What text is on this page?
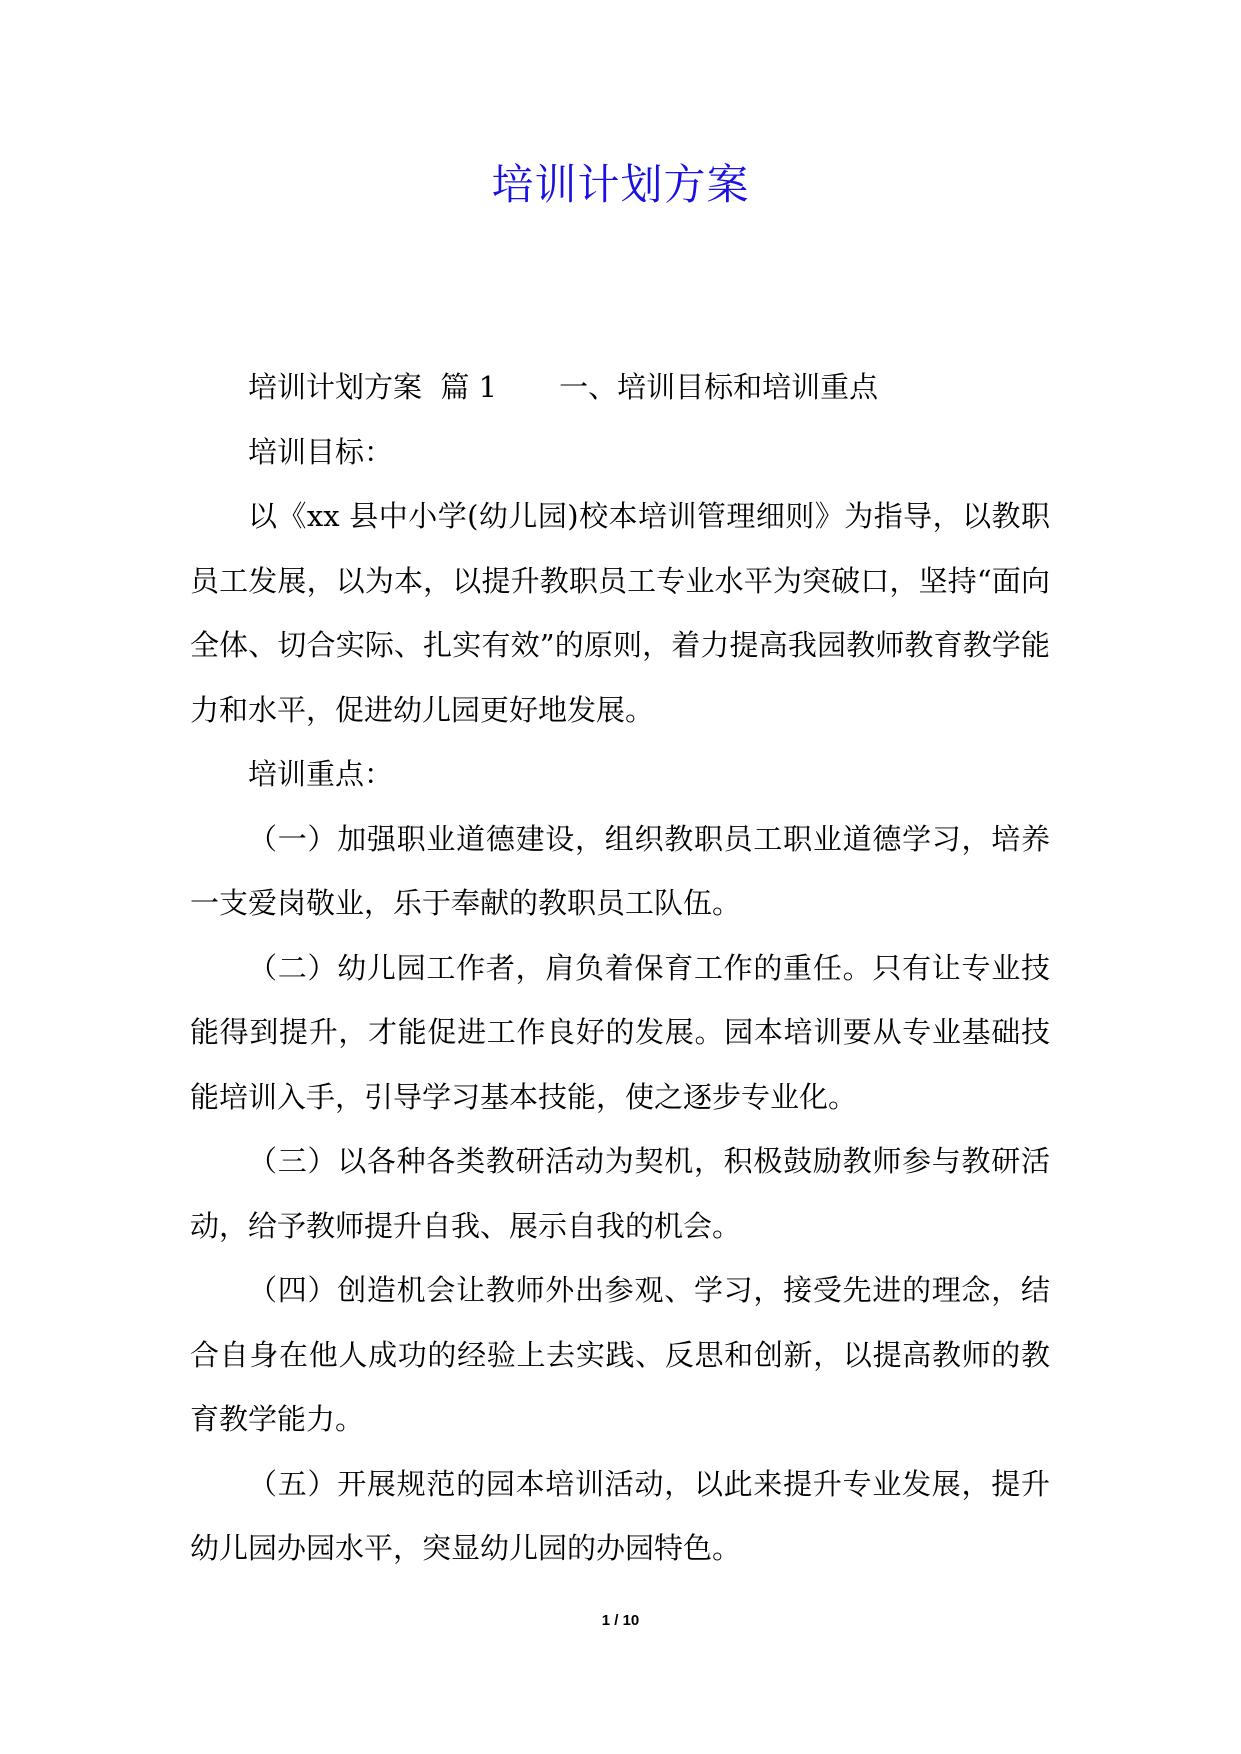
培训计划方案

培训计划方案  篇 1 一、培训目标和培训重点

培训目标：

以《xx 县中小学(幼儿园)校本培训管理细则》为指导，以教职员工发展，以为本，以提升教职员工专业水平为突破口，坚持“面向全体、切合实际、扎实有效”的原则，着力提高我园教师教育教学能力和水平，促进幼儿园更好地发展。

培训重点：

（一）加强职业道德建设，组织教职员工职业道德学习，培养一支爱岗敬业，乐于奉献的教职员工队伍。

（二）幼儿园工作者，肩负着保育工作的重任。只有让专业技能得到提升，才能促进工作良好的发展。园本培训要从专业基础技能培训入手，引导学习基本技能，使之逐步专业化。

（三）以各种各类教研活动为契机，积极鼓励教师参与教研活动，给予教师提升自我、展示自我的机会。

（四）创造机会让教师外出参观、学习，接受先进的理念，结合自身在他人成功的经验上去实践、反思和创新，以提高教师的教育教学能力。

（五）开展规范的园本培训活动，以此来提升专业发展，提升幼儿园办园水平，突显幼儿园的办园特色。

1 / 10
